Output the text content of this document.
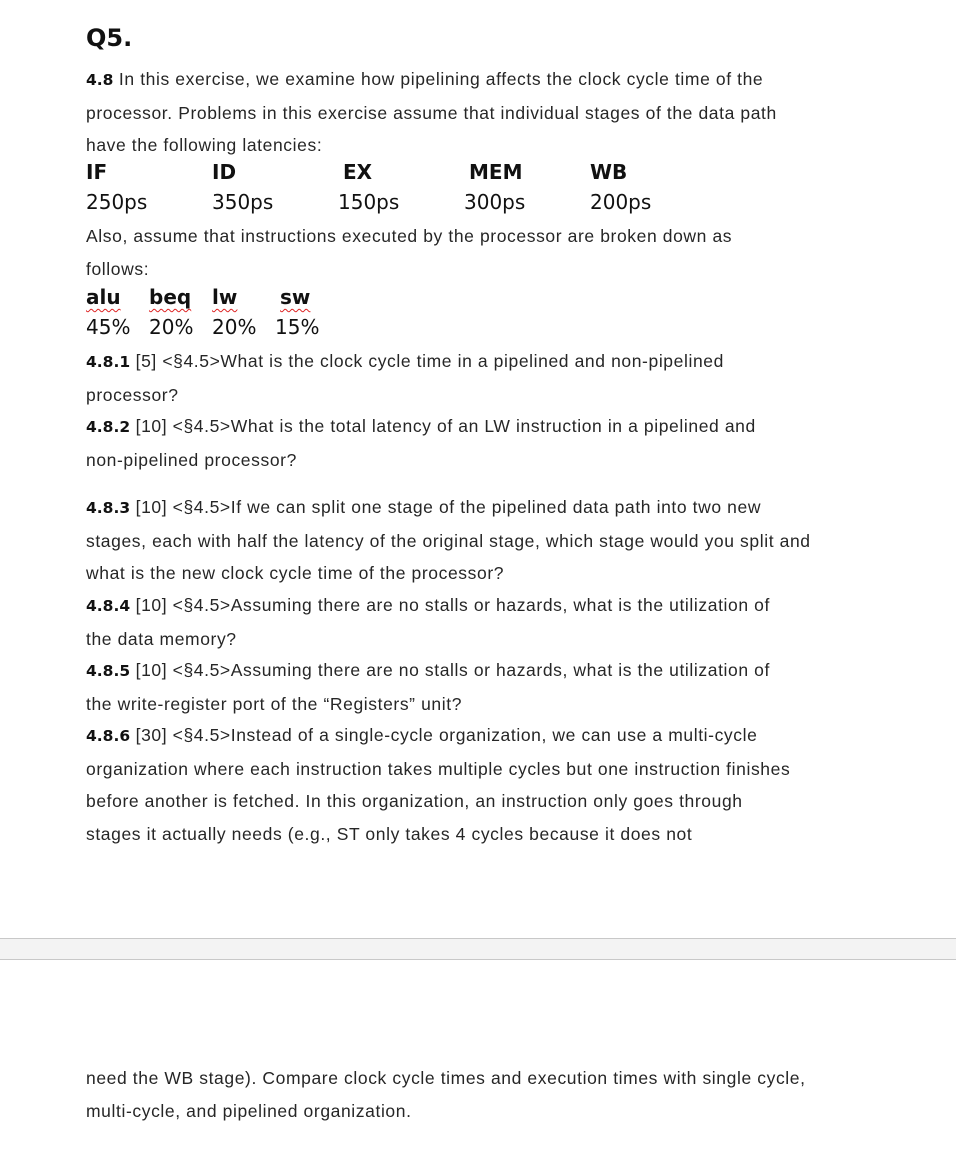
Q5.
4.8 In this exercise, we examine how pipelining affects the clock cycle time of the processor. Problems in this exercise assume that individual stages of the data path have the following latencies:
IF	ID	EX	MEM	WB
250ps	350ps	150ps	300ps	200ps
Also, assume that instructions executed by the processor are broken down as follows:
alu beq lw sw
45% 20% 20% 15%
4.8.1 [5] <§4.5>What is the clock cycle time in a pipelined and non-pipelined processor?
4.8.2 [10] <§4.5>What is the total latency of an LW instruction in a pipelined and non-pipelined processor?
4.8.3 [10] <§4.5>If we can split one stage of the pipelined data path into two new stages, each with half the latency of the original stage, which stage would you split and what is the new clock cycle time of the processor?
4.8.4 [10] <§4.5>Assuming there are no stalls or hazards, what is the utilization of the data memory?
4.8.5 [10] <§4.5>Assuming there are no stalls or hazards, what is the utilization of the write-register port of the “Registers” unit?
4.8.6 [30] <§4.5>Instead of a single-cycle organization, we can use a multi-cycle organization where each instruction takes multiple cycles but one instruction finishes before another is fetched. In this organization, an instruction only goes through stages it actually needs (e.g., ST only takes 4 cycles because it does not
need the WB stage). Compare clock cycle times and execution times with single cycle, multi-cycle, and pipelined organization.
